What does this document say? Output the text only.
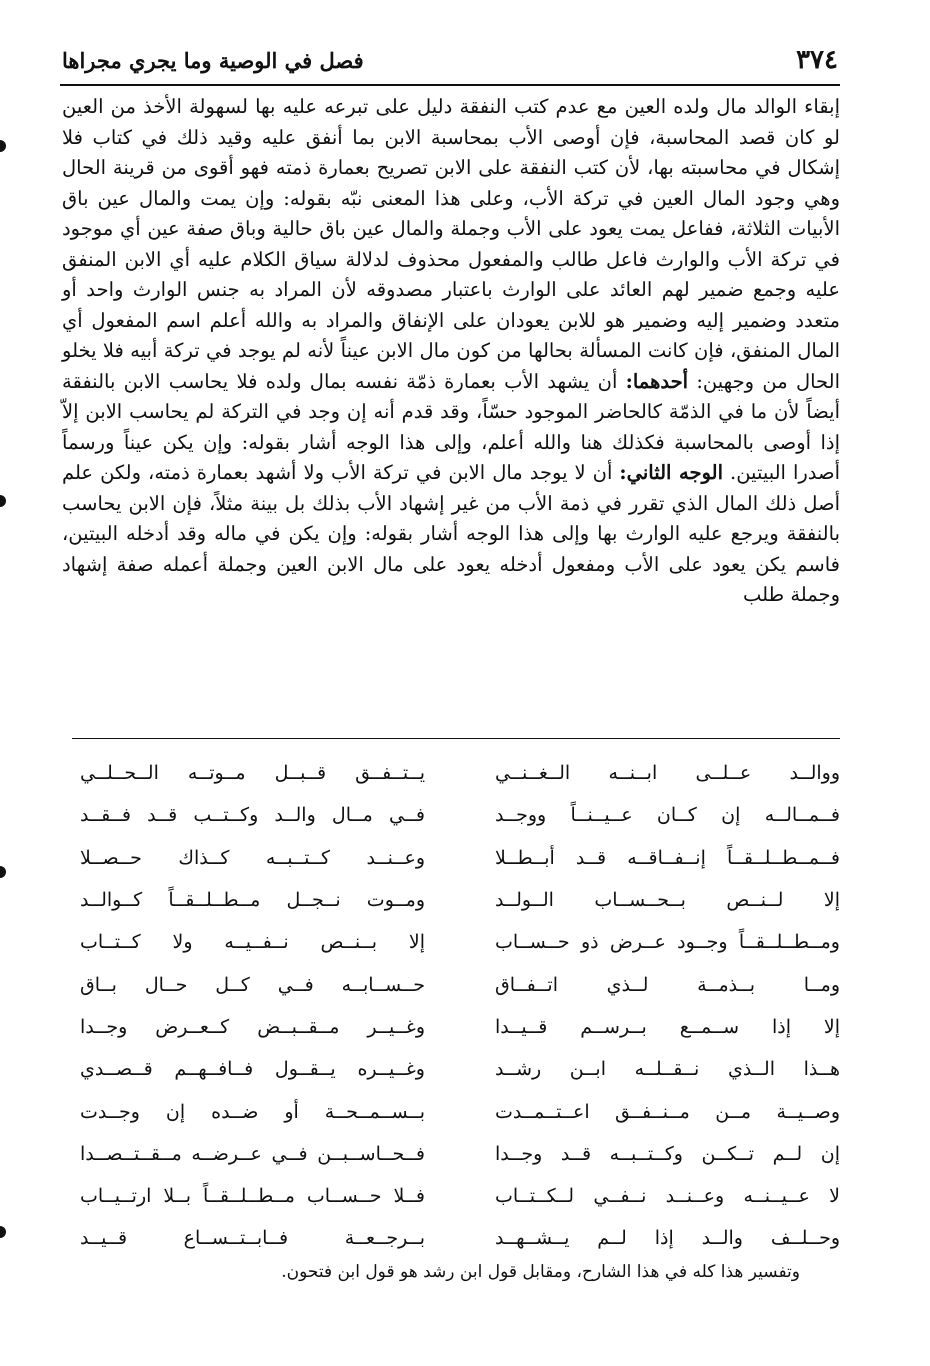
٣٧٤
فصل في الوصية وما يجري مجراها

إبقاء الوالد مال ولده العين مع عدم كتب النفقة دليل على تبرعه عليه بها لسهولة الأخذ من العين لو كان قصد المحاسبة، فإن أوصى الأب بمحاسبة الابن بما أنفق عليه وقيد ذلك في كتاب فلا إشكال في محاسبته بها، لأن كتب النفقة على الابن تصريح بعمارة ذمته فهو أقوى من قرينة الحال وهي وجود المال العين في تركة الأب، وعلى هذا المعنى نبّه بقوله: وإن يمت والمال عين باق الأبيات الثلاثة، ففاعل يمت يعود على الأب وجملة والمال عين باق حالية وباق صفة عين أي موجود في تركة الأب والوارث فاعل طالب والمفعول محذوف لدلالة سياق الكلام عليه أي الابن المنفق عليه وجمع ضمير لهم العائد على الوارث باعتبار مصدوقه لأن المراد به جنس الوارث واحد أو متعدد وضمير إليه وضمير هو للابن يعودان على الإنفاق والمراد به والله أعلم اسم المفعول أي المال المنفق، فإن كانت المسألة بحالها من كون مال الابن عيناً لأنه لم يوجد في تركة أبيه فلا يخلو الحال من وجهين: أحدهما: أن يشهد الأب بعمارة ذمّة نفسه بمال ولده فلا يحاسب الابن بالنفقة أيضاً لأن ما في الذمّة كالحاضر الموجود حسّاً، وقد قدم أنه إن وجد في التركة لم يحاسب الابن إلاّ إذا أوصى بالمحاسبة فكذلك هنا والله أعلم، وإلى هذا الوجه أشار بقوله: وإن يكن عيناً ورسماً أصدرا البيتين. الوجه الثاني: أن لا يوجد مال الابن في تركة الأب ولا أشهد بعمارة ذمته، ولكن علم أصل ذلك المال الذي تقرر في ذمة الأب من غير إشهاد الأب بذلك بل بينة مثلاً، فإن الابن يحاسب بالنفقة ويرجع عليه الوارث بها وإلى هذا الوجه أشار بقوله: وإن يكن في ماله وقد أدخله البيتين، فاسم يكن يعود على الأب ومفعول أدخله يعود على مال الابن العين وجملة أعمله صفة إشهاد وجملة طلب

ووالــد عــلــى ابــنــه الــغــنــي
يــتــفــق قــبــل مــوتــه الــحــلــي
فــمــالــه إن كــان عــيــنــاً ووجــد
فــي مــال والــد وكــتــب قــد فــقــد
فــمــطــلــقــاً إنــفــاقــه قــد أبــطــلا
وعــنــد كــتــبــه كــذاك حــصــلا
إلا لــنــص بــحــســاب الــولــد
ومــوت نــجــل مــطــلــقــاً كــوالــد
ومــطــلــقــاً وجــود عــرض ذو حــســاب
إلا بــنــص نــفــيــه ولا كــتــاب
ومــا بــذمــة لــذي اتــفــاق
حــســابــه فــي كــل حــال بــاق
إلا إذا ســمــع بــرســم قــيــدا
وغــيــر مــقــبــض كــعــرض وجــدا
هــذا الــذي نــقــلــه ابــن رشــد
وغــيــره يــقــول فــافــهــم قــصــدي
وصــيــة مــن مــنــفــق اعــتــمــدت
بــســمــحــة أو ضــده إن وجــدت
إن لــم تــكــن وكــتــبــه قــد وجــدا
فــحــاســبــن فــي عــرضــه مــقــتــصــدا
لا عــيــنــه وعــنــد نــفــي لــكــتــاب
فــلا حــســاب مــطــلــقــاً بــلا ارتــيــاب
وحــلــف والــد إذا لــم يــشــهــد
بــرجــعــة فــابــتــســاع قــيــد
وتفسير هذا كله في هذا الشارح، ومقابل قول ابن رشد هو قول ابن فتحون.
